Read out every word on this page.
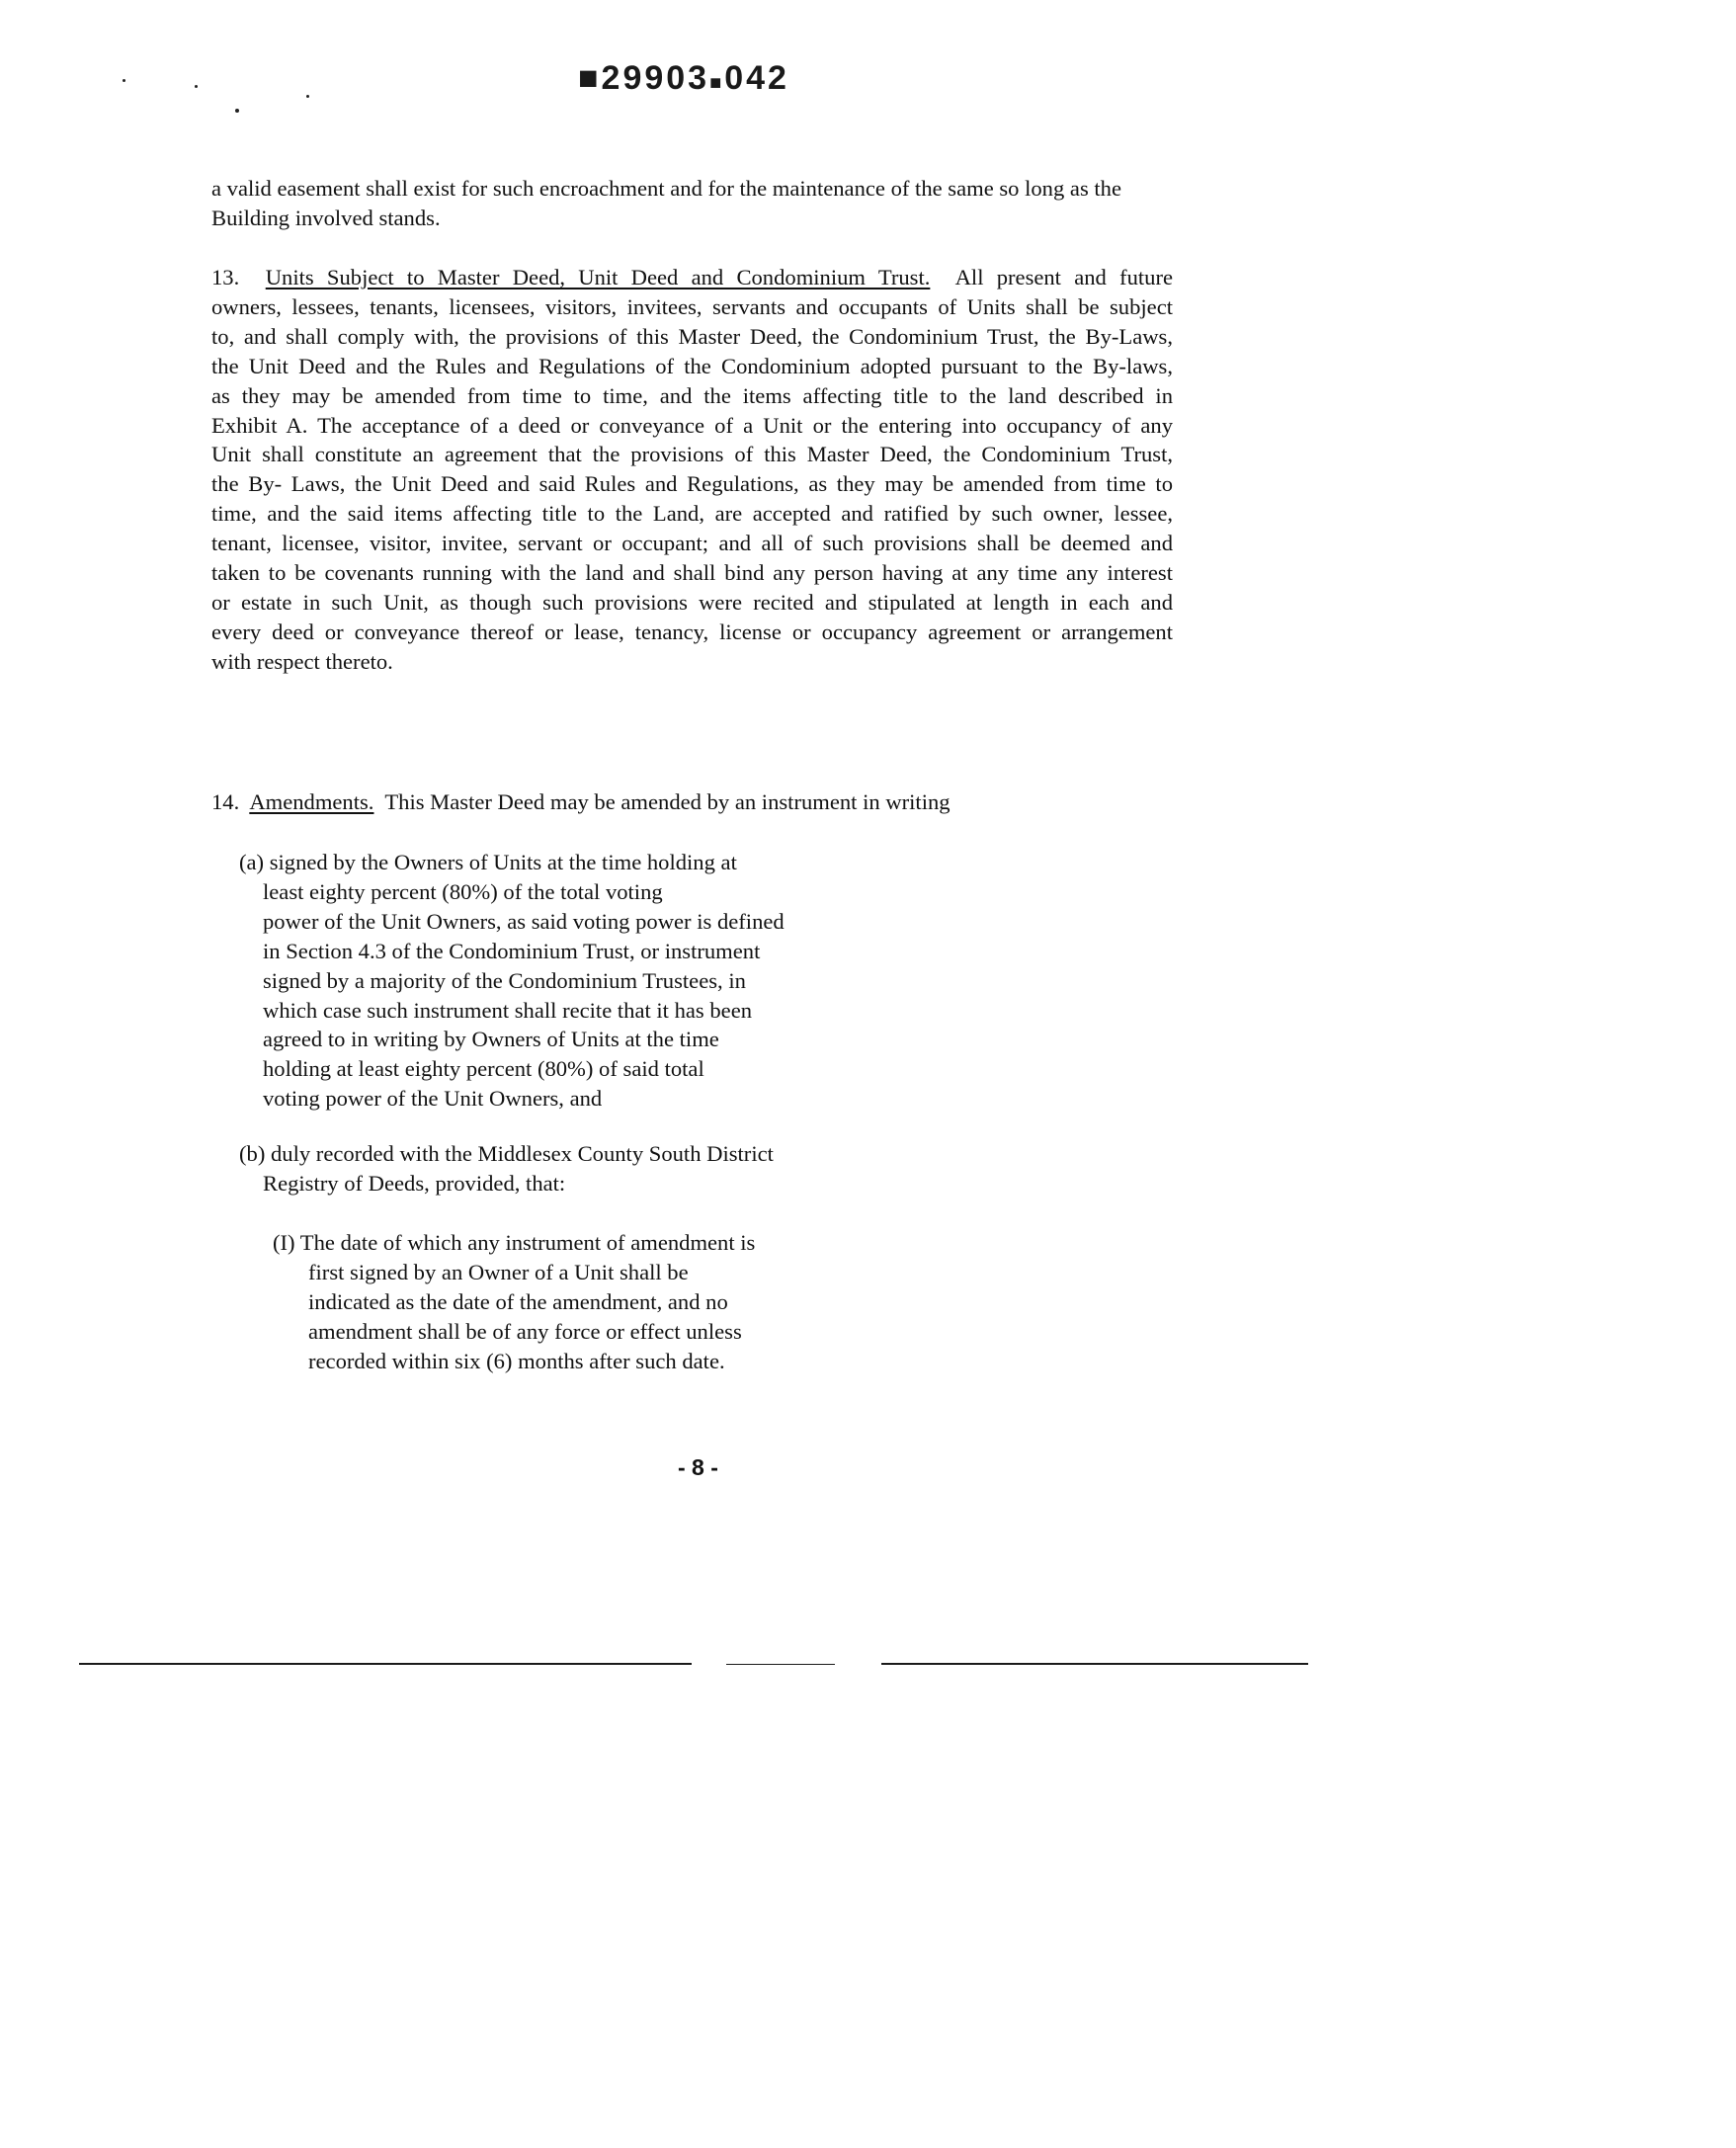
■29903■042
a valid easement shall exist for such encroachment and for the maintenance of the same so long as the Building involved stands.
13. Units Subject to Master Deed, Unit Deed and Condominium Trust. All present and future
owners, lessees, tenants, licensees, visitors, invitees, servants and occupants of Units shall be subject
to, and shall comply with, the provisions of this Master Deed, the Condominium Trust, the By-Laws,
the Unit Deed and the Rules and Regulations of the Condominium adopted pursuant to the By-laws,
as they may be amended from time to time, and the items affecting title to the land described in
Exhibit A. The acceptance of a deed or conveyance of a Unit or the entering into occupancy of any
Unit shall constitute an agreement that the provisions of this Master Deed, the Condominium Trust,
the By- Laws, the Unit Deed and said Rules and Regulations, as they may be amended from time to
time, and the said items affecting title to the Land, are accepted and ratified by such owner, lessee,
tenant, licensee, visitor, invitee, servant or occupant; and all of such provisions shall be deemed and
taken to be covenants running with the land and shall bind any person having at any time any interest
or estate in such Unit, as though such provisions were recited and stipulated at length in each and
every deed or conveyance thereof or lease, tenancy, license or occupancy agreement or arrangement
with respect thereto.
14. Amendments. This Master Deed may be amended by an instrument in writing
(a) signed by the Owners of Units at the time holding at
least eighty percent (80%) of the total voting
power of the Unit Owners, as said voting power is defined
in Section 4.3 of the Condominium Trust, or instrument
signed by a majority of the Condominium Trustees, in
which case such instrument shall recite that it has been
agreed to in writing by Owners of Units at the time
holding at least eighty percent (80%) of said total
voting power of the Unit Owners, and
(b) duly recorded with the Middlesex County South District
Registry of Deeds, provided, that:
(I) The date of which any instrument of amendment is
first signed by an Owner of a Unit shall be
indicated as the date of the amendment, and no
amendment shall be of any force or effect unless
recorded within six (6) months after such date.
- 8 -
